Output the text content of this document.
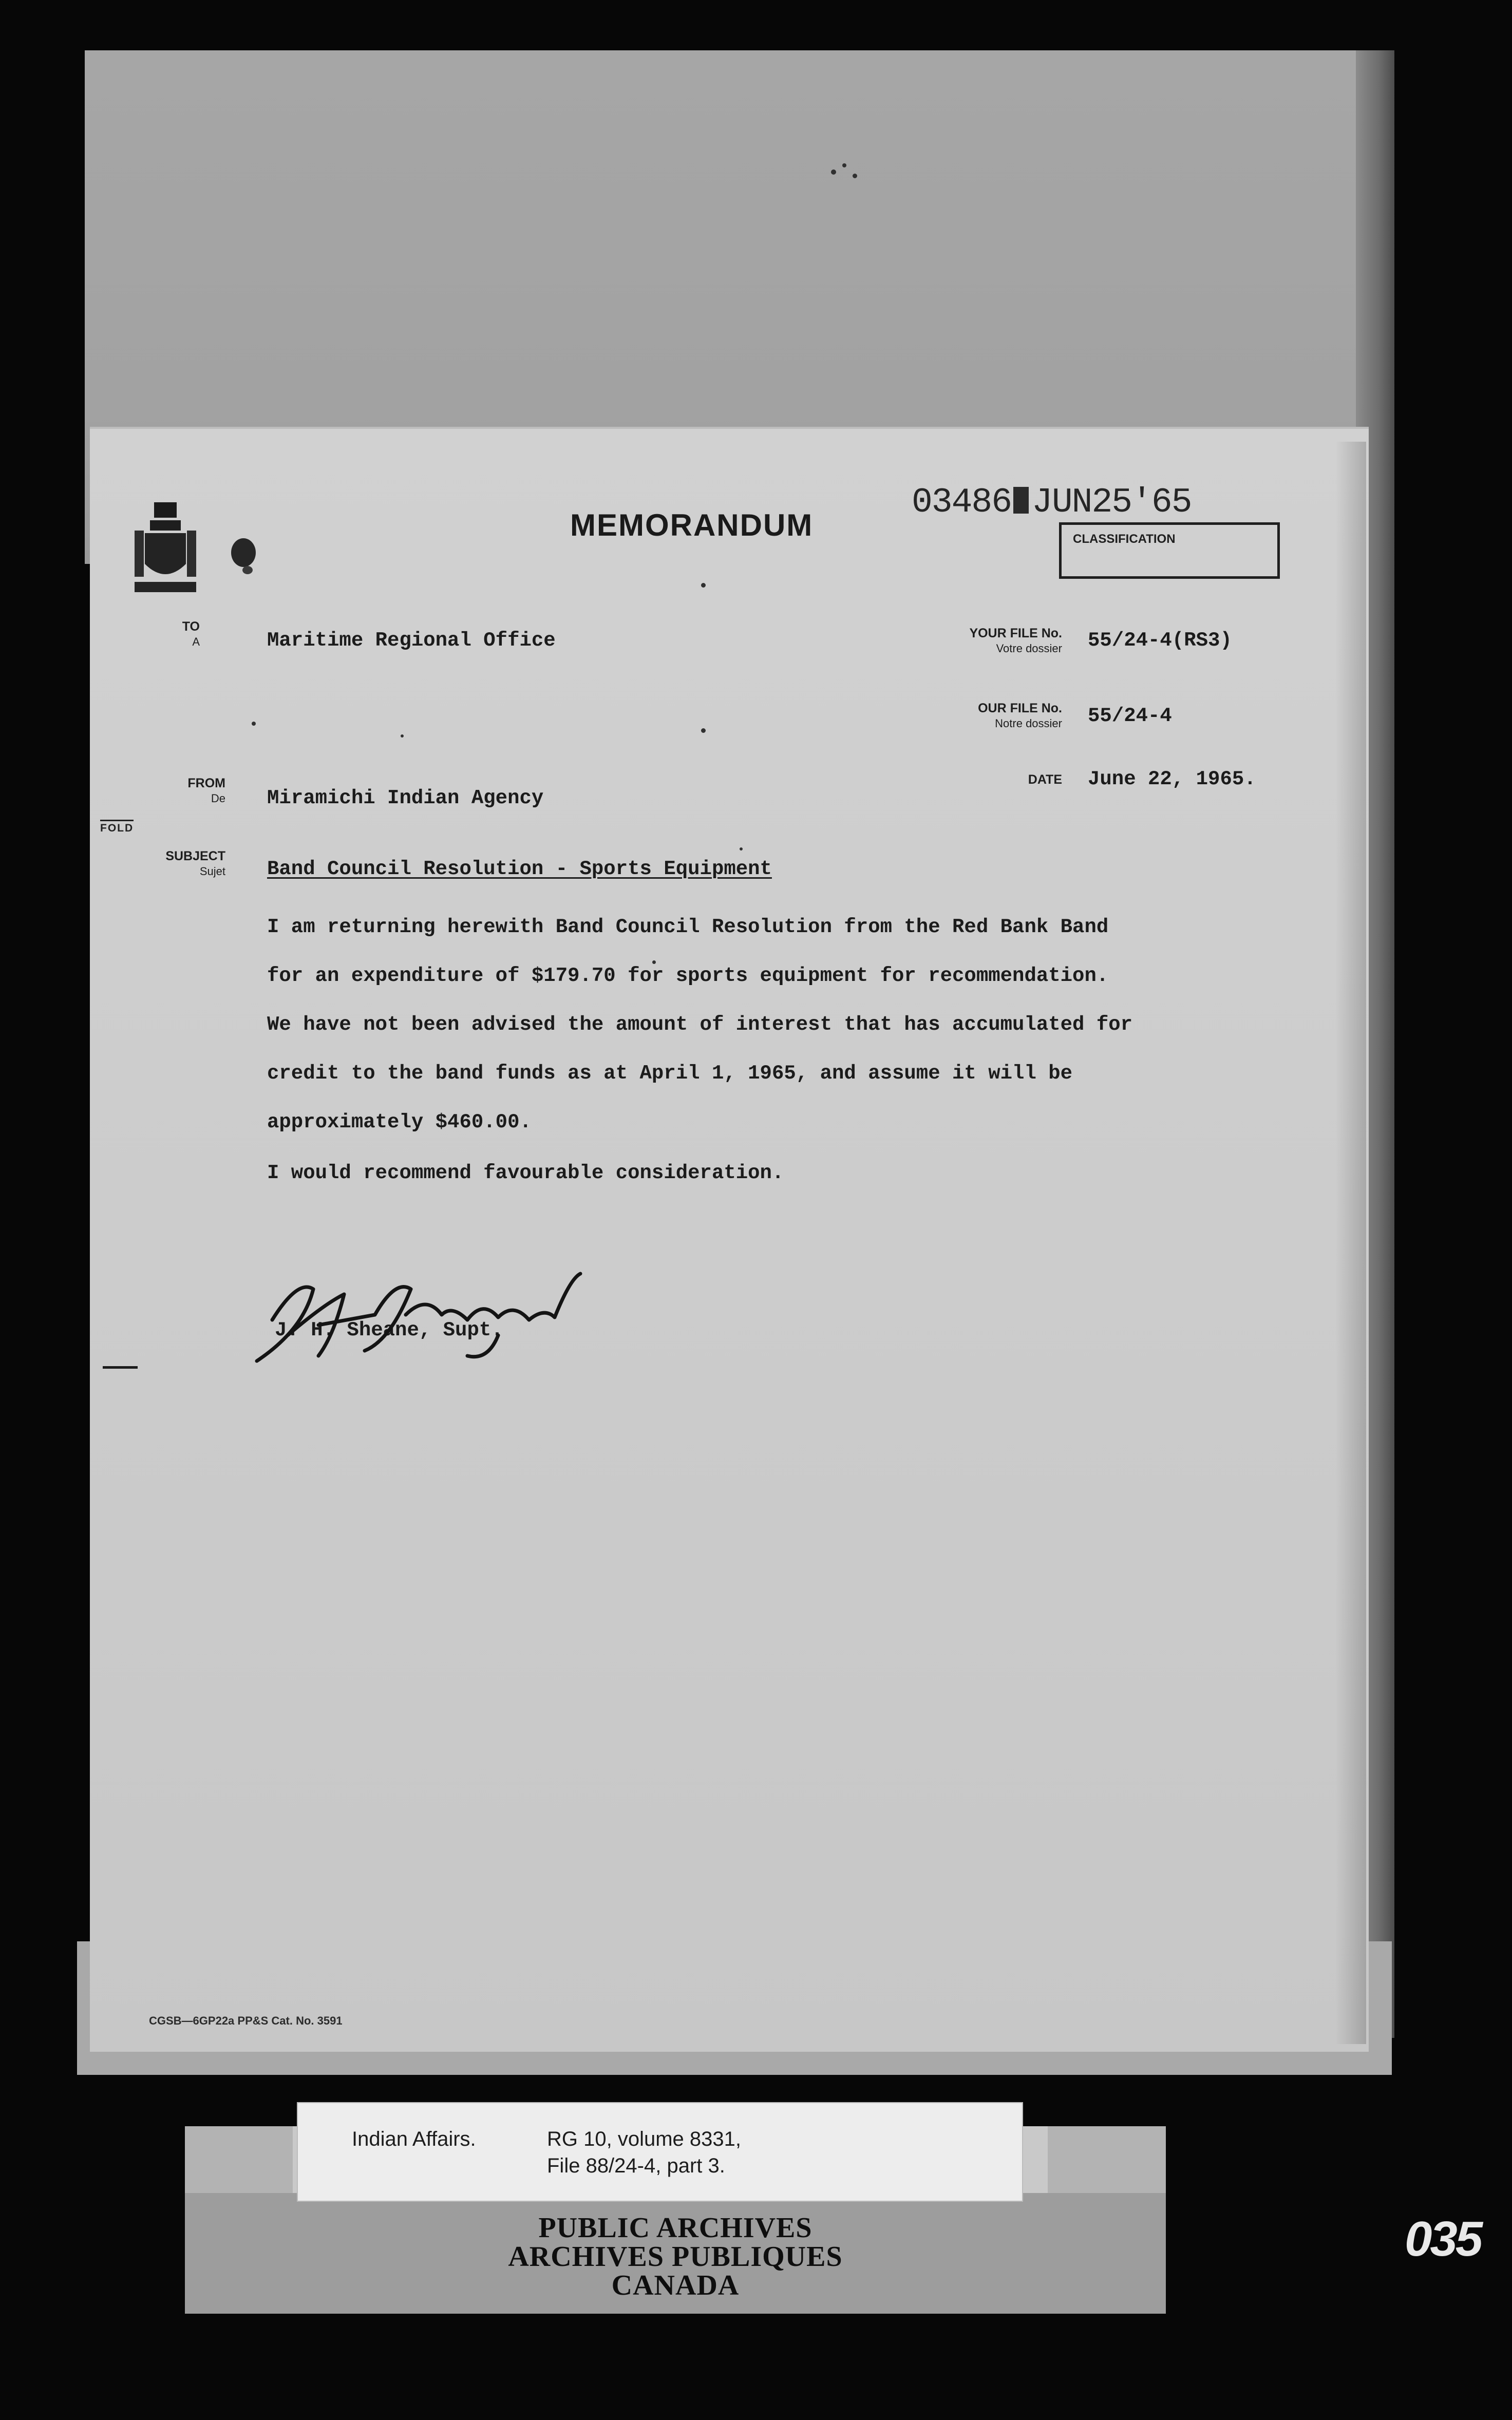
MEMORANDUM
03486 JUN25'65
CLASSIFICATION
TO
A	Maritime Regional Office
FROM
De Miramichi Indian Agency
FOLD
SUBJECT
Sujet Band Council Resolution - Sports Equipment
YOUR FILE No.
Votre dossier 55/24-4(RS3)
OUR FILE No.
Notre dossier 55/24-4
DATE June 22, 1965.
I am returning herewith Band Council Resolution from the Red Bank Band
for an expenditure of $179.70 for sports equipment for recommendation.
We have not been advised the amount of interest that has accumulated for
credit to the band funds as at April 1, 1965, and assume it will be
approximately $460.00.
I would recommend favourable consideration.
J. H. Sheane, Supt.
CGSB—6GP22a PP&S Cat. No. 3591
Indian Affairs.	RG 10, volume 8331,
File 88/24-4, part 3.
PUBLIC ARCHIVES
ARCHIVES PUBLIQUES
CANADA
035
